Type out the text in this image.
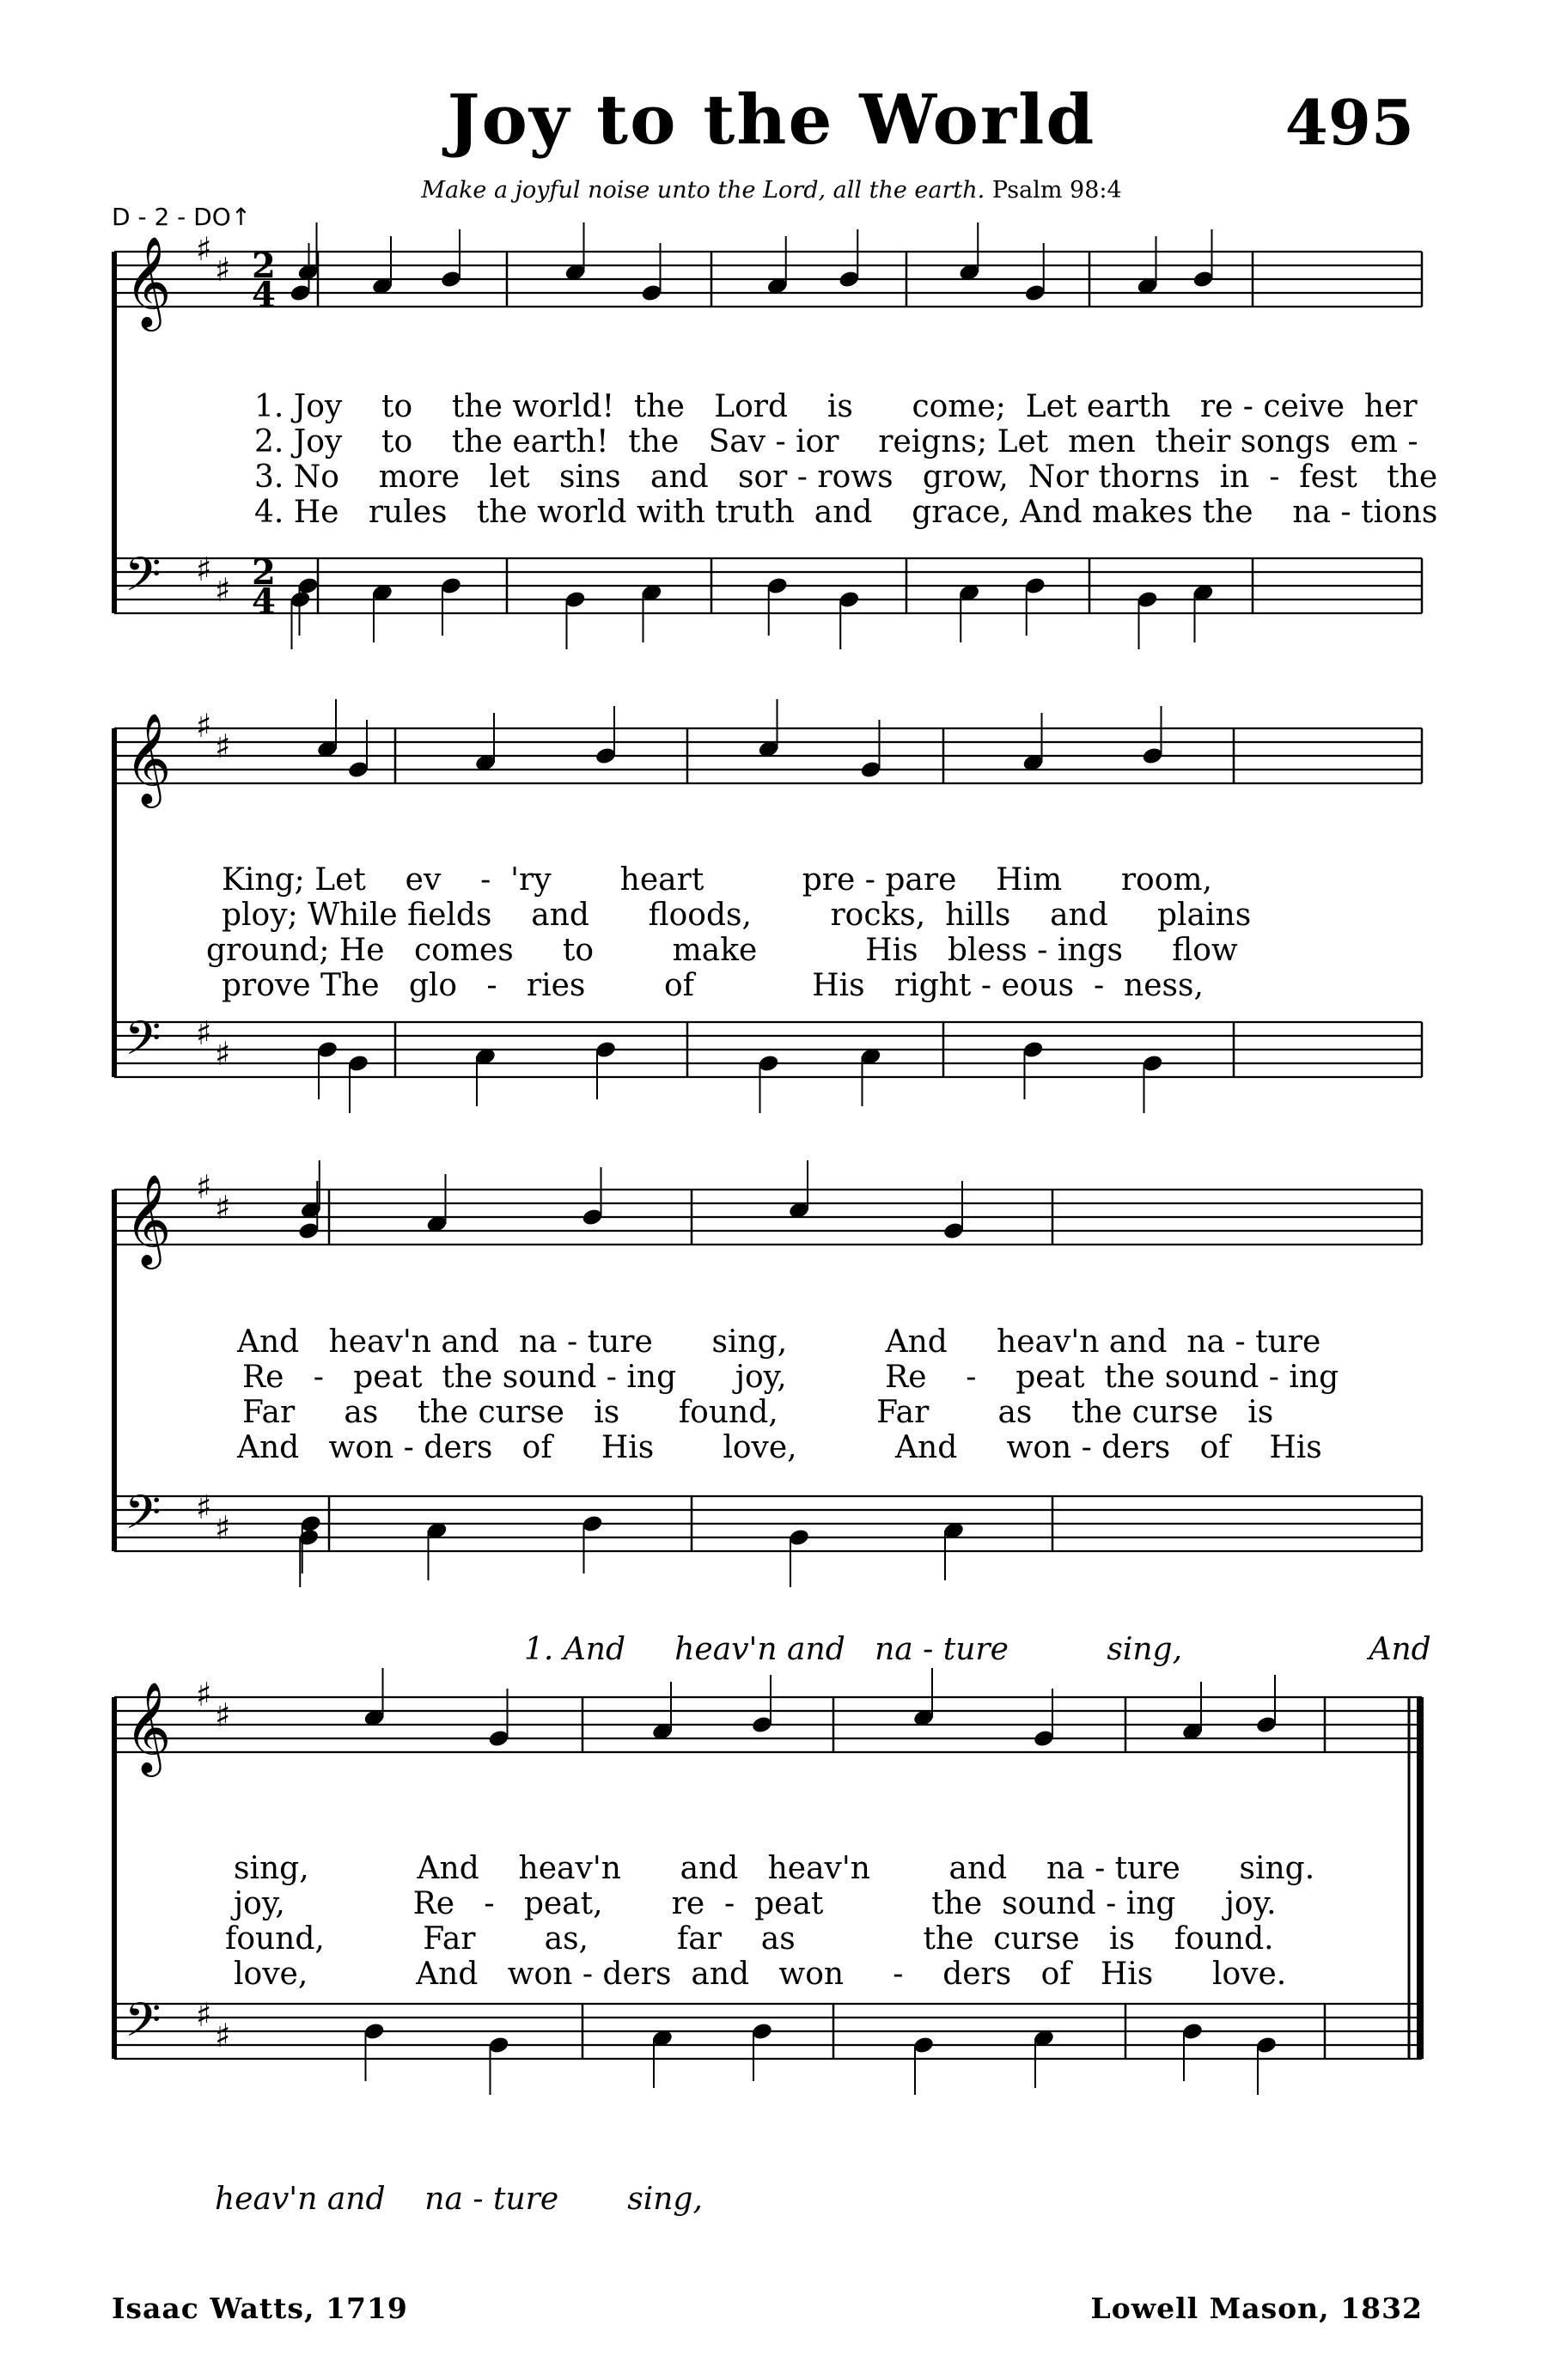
Joy to the World	495
Make a joyful noise unto the Lord, all the earth. Psalm 98:4
D - 2 - DO↑
𝄞 ♯
♯ 2
4
𝄢 ♯
♯ 2
4
𝄞 ♯
♯
𝄢 ♯
♯
𝄞 ♯
♯
𝄢 ♯
♯
𝄞 ♯
♯
𝄢 ♯
♯
1. Joy    to    the world!  the   Lord    is      come;  Let earth   re - ceive  her
2. Joy    to    the earth!  the   Sav - ior    reigns; Let  men  their songs  em -
3. No    more   let   sins   and   sor - rows   grow,  Nor thorns  in  -  fest   the
4. He   rules   the world with truth  and    grace, And makes the    na - tions
King; Let    ev    -  'ry       heart          pre - pare    Him      room,
ploy; While fields    and      floods,        rocks,  hills    and     plains
ground; He   comes     to        make           His   bless - ings     flow
prove The   glo   -   ries        of            His   right - eous  -  ness,
And   heav'n and  na - ture      sing,          And     heav'n and  na - ture
Re   -   peat  the sound - ing      joy,          Re    -    peat  the sound - ing
Far     as    the curse   is      found,          Far       as    the curse   is
And   won - ders   of     His       love,          And     won - ders   of    His
1. And     heav'n and   na - ture          sing,                   And
sing,           And    heav'n      and   heav'n        and    na - ture      sing.
joy,             Re   -   peat,       re  -  peat           the  sound - ing     joy.
found,          Far       as,         far    as             the  curse   is    found.
love,           And   won - ders  and   won     -    ders   of   His      love.
heav'n and    na - ture       sing,
Isaac Watts, 1719	Lowell Mason, 1832
